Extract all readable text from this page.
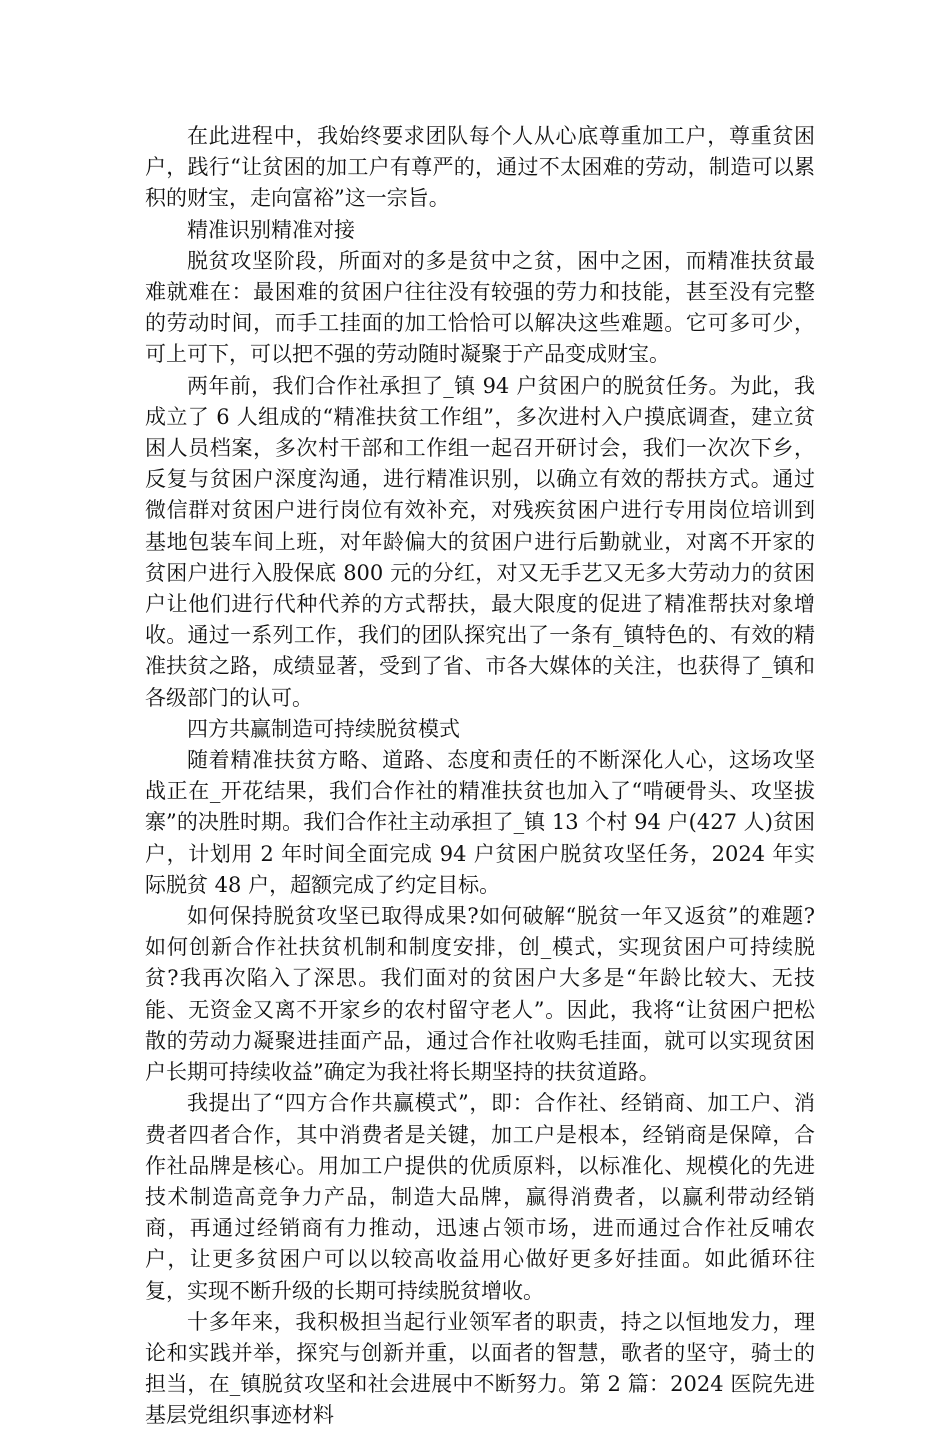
在此进程中，我始终要求团队每个人从心底尊重加工户，尊重贫困户，践行“让贫困的加工户有尊严的，通过不太困难的劳动，制造可以累积的财宝，走向富裕”这一宗旨。

精准识别精准对接

脱贫攻坚阶段，所面对的多是贫中之贫，困中之困，而精准扶贫最难就难在：最困难的贫困户往往没有较强的劳力和技能，甚至没有完整的劳动时间，而手工挂面的加工恰恰可以解决这些难题。它可多可少，可上可下，可以把不强的劳动随时凝聚于产品变成财宝。

两年前，我们合作社承担了_镇 94 户贫困户的脱贫任务。为此，我成立了 6 人组成的“精准扶贫工作组”，多次进村入户摸底调查，建立贫困人员档案，多次村干部和工作组一起召开研讨会，我们一次次下乡，反复与贫困户深度沟通，进行精准识别，以确立有效的帮扶方式。通过微信群对贫困户进行岗位有效补充，对残疾贫困户进行专用岗位培训到基地包装车间上班，对年龄偏大的贫困户进行后勤就业，对离不开家的贫困户进行入股保底 800 元的分红，对又无手艺又无多大劳动力的贫困户让他们进行代种代养的方式帮扶，最大限度的促进了精准帮扶对象增收。通过一系列工作，我们的团队探究出了一条有_镇特色的、有效的精准扶贫之路，成绩显著，受到了省、市各大媒体的关注，也获得了_镇和各级部门的认可。

四方共赢制造可持续脱贫模式

随着精准扶贫方略、道路、态度和责任的不断深化人心，这场攻坚战正在_开花结果，我们合作社的精准扶贫也加入了“啃硬骨头、攻坚拔寨”的决胜时期。我们合作社主动承担了_镇 13 个村 94 户(427 人)贫困户，计划用 2 年时间全面完成 94 户贫困户脱贫攻坚任务，2024 年实际脱贫 48 户，超额完成了约定目标。

如何保持脱贫攻坚已取得成果?如何破解“脱贫一年又返贫”的难题?如何创新合作社扶贫机制和制度安排，创_模式，实现贫困户可持续脱贫?我再次陷入了深思。我们面对的贫困户大多是“年龄比较大、无技能、无资金又离不开家乡的农村留守老人”。因此，我将“让贫困户把松散的劳动力凝聚进挂面产品，通过合作社收购毛挂面，就可以实现贫困户长期可持续收益”确定为我社将长期坚持的扶贫道路。

我提出了“四方合作共赢模式”，即：合作社、经销商、加工户、消费者四者合作，其中消费者是关键，加工户是根本，经销商是保障，合作社品牌是核心。用加工户提供的优质原料，以标准化、规模化的先进技术制造高竞争力产品，制造大品牌，赢得消费者，以赢利带动经销商，再通过经销商有力推动，迅速占领市场，进而通过合作社反哺农户，让更多贫困户可以以较高收益用心做好更多好挂面。如此循环往复，实现不断升级的长期可持续脱贫增收。

十多年来，我积极担当起行业领军者的职责，持之以恒地发力，理论和实践并举，探究与创新并重，以面者的智慧，歌者的坚守，骑士的担当，在_镇脱贫攻坚和社会进展中不断努力。第 2 篇：2024 医院先进基层党组织事迹材料
